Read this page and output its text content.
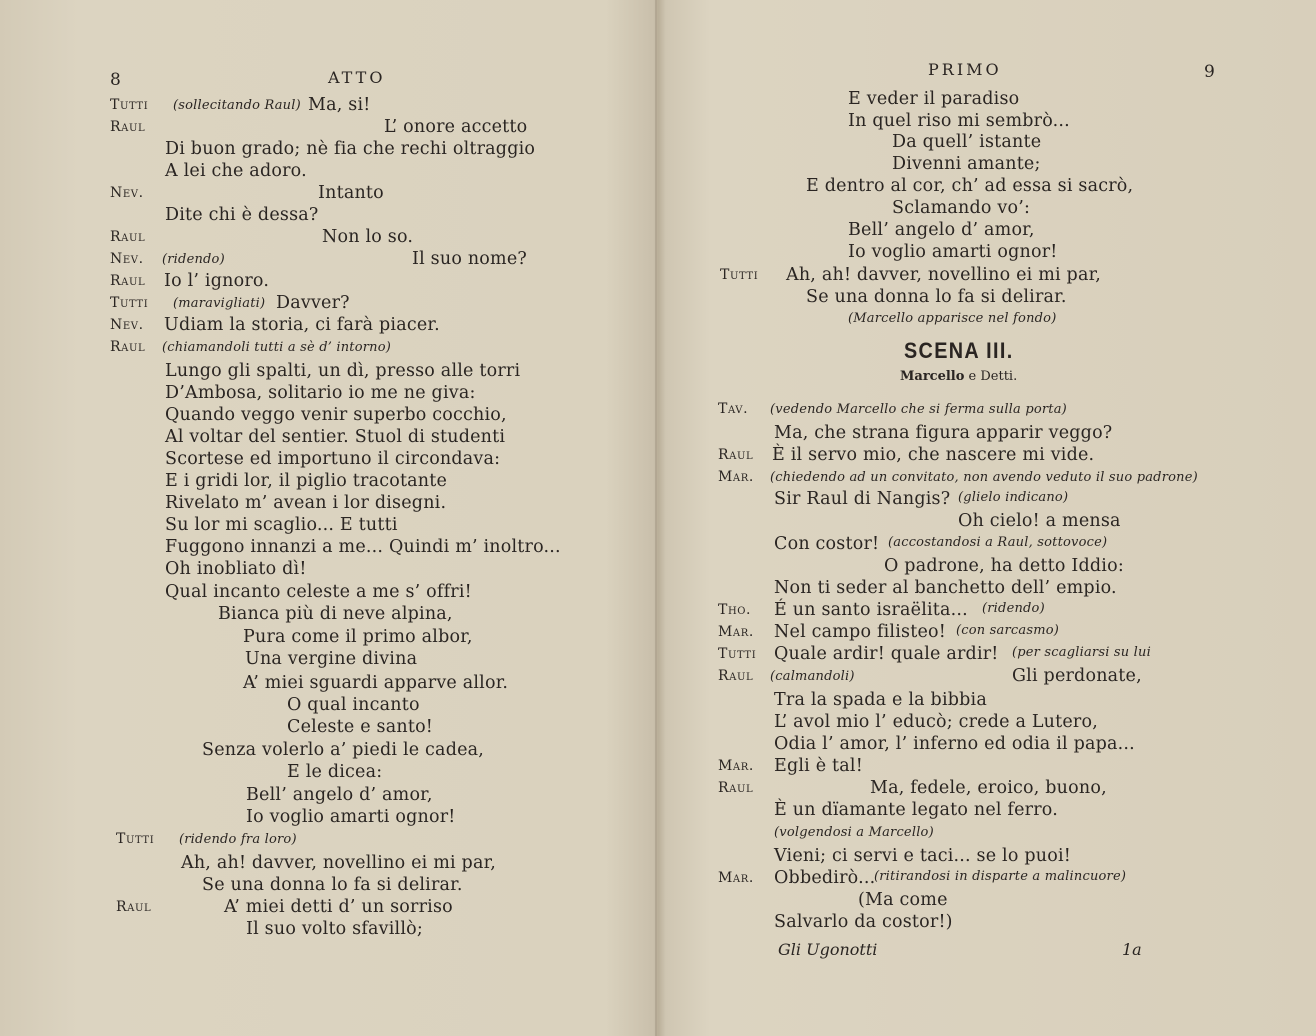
8	ATTO
Tutti (sollecitando Raul) Ma, si!
Raul	L’ onore accetto
Di buon grado; nè fia che rechi oltraggio
A lei che adoro.
Nev.	Intanto
Dite chi è dessa?
Raul	Non lo so.
Nev. (ridendo)	Il suo nome?
Raul Io l’ ignoro.
Tutti (maravigliati) Davver?
Nev. Udiam la storia, ci farà piacer.
Raul (chiamandoli tutti a sè d’ intorno)
Lungo gli spalti, un dì, presso alle torri
D’Ambosa, solitario io me ne giva:
Quando veggo venir superbo cocchio,
Al voltar del sentier. Stuol di studenti
Scortese ed importuno il circondava:
E i gridi lor, il piglio tracotante
Rivelato m’ avean i lor disegni.
Su lor mi scaglio... E tutti
Fuggono innanzi a me... Quindi m’ inoltro...
Oh inobliato dì!
Qual incanto celeste a me s’ offri!
Bianca più di neve alpina,
Pura come il primo albor,
Una vergine divina
A’ miei sguardi apparve allor.
O qual incanto
Celeste e santo!
Senza volerlo a’ piedi le cadea,
E le dicea:
Bell’ angelo d’ amor,
Io voglio amarti ognor!
Tutti (ridendo fra loro)
Ah, ah! davver, novellino ei mi par,
Se una donna lo fa si delirar.
Raul	A’ miei detti d’ un sorriso
Il suo volto sfavillò;
PRIMO	9
E veder il paradiso
In quel riso mi sembrò...
Da quell’ istante
Divenni amante;
E dentro al cor, ch’ ad essa si sacrò,
Sclamando vo’:
Bell’ angelo d’ amor,
Io voglio amarti ognor!
Tutti Ah, ah! davver, novellino ei mi par,
Se una donna lo fa si delirar.
(Marcello apparisce nel fondo)
SCENA III.
Marcello e Detti.
Tav. (vedendo Marcello che si ferma sulla porta)
Ma, che strana figura apparir veggo?
Raul È il servo mio, che nascere mi vide.
Mar. (chiedendo ad un convitato, non avendo veduto il suo padrone)
Sir Raul di Nangis? (glielo indicano)
Oh cielo! a mensa
Con costor! (accostandosi a Raul, sottovoce)
O padrone, ha detto Iddio:
Non ti seder al banchetto dell’ empio.
Tho. É un santo israëlita... (ridendo)
Mar. Nel campo filisteo! (con sarcasmo)
Tutti Quale ardir! quale ardir! (per scagliarsi su lui
Raul (calmandoli)	Gli perdonate,
Tra la spada e la bibbia
L’ avol mio l’ educò; crede a Lutero,
Odia l’ amor, l’ inferno ed odia il papa...
Mar. Egli è tal!
Raul	Ma, fedele, eroico, buono,
È un dïamante legato nel ferro.
(volgendosi a Marcello)
Vieni; ci servi e taci... se lo puoi!
Mar. Obbedirò...
(ritirandosi in disparte a malincuore)
(Ma come
Salvarlo da costor!)
Gli Ugonotti	1a
